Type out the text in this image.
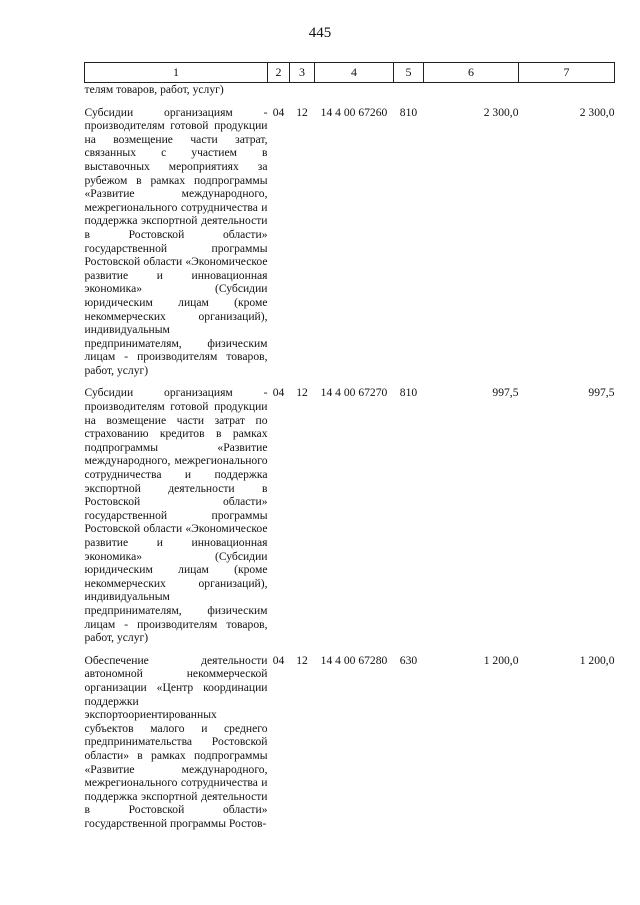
445
1	2	3	4	5	6	7
телям товаров, работ, услуг)						
Субсидии организациям - производителям готовой продукции на возмещение части затрат, связанных с участием в выставочных мероприятиях за рубежом в рамках подпрограммы «Развитие международного, межрегионального сотрудничества и поддержка экспортной деятельности в Ростовской области» государственной программы Ростовской области «Экономическое развитие и инновационная экономика» (Субсидии юридическим лицам (кроме некоммерческих организаций), индивидуальным предпринимателям, физическим лицам - производителям товаров, работ, услуг)	04	12	14 4 00 67260	810	2 300,0	2 300,0
Субсидии организациям - производителям готовой продукции на возмещение части затрат по страхованию кредитов в рамках подпрограммы «Развитие международного, межрегионального сотрудничества и поддержка экспортной деятельности в Ростовской области» государственной программы Ростовской области «Экономическое развитие и инновационная экономика» (Субсидии юридическим лицам (кроме некоммерческих организаций), индивидуальным предпринимателям, физическим лицам - производителям товаров, работ, услуг)	04	12	14 4 00 67270	810	997,5	997,5
Обеспечение деятельности автономной некоммерческой организации «Центр координации поддержки экспортоориентированных субъектов малого и среднего предпринимательства Ростовской области» в рамках подпрограммы «Развитие международного, межрегионального сотрудничества и поддержка экспортной деятельности в Ростовской области» государственной программы Ростов-	04	12	14 4 00 67280	630	1 200,0	1 200,0
